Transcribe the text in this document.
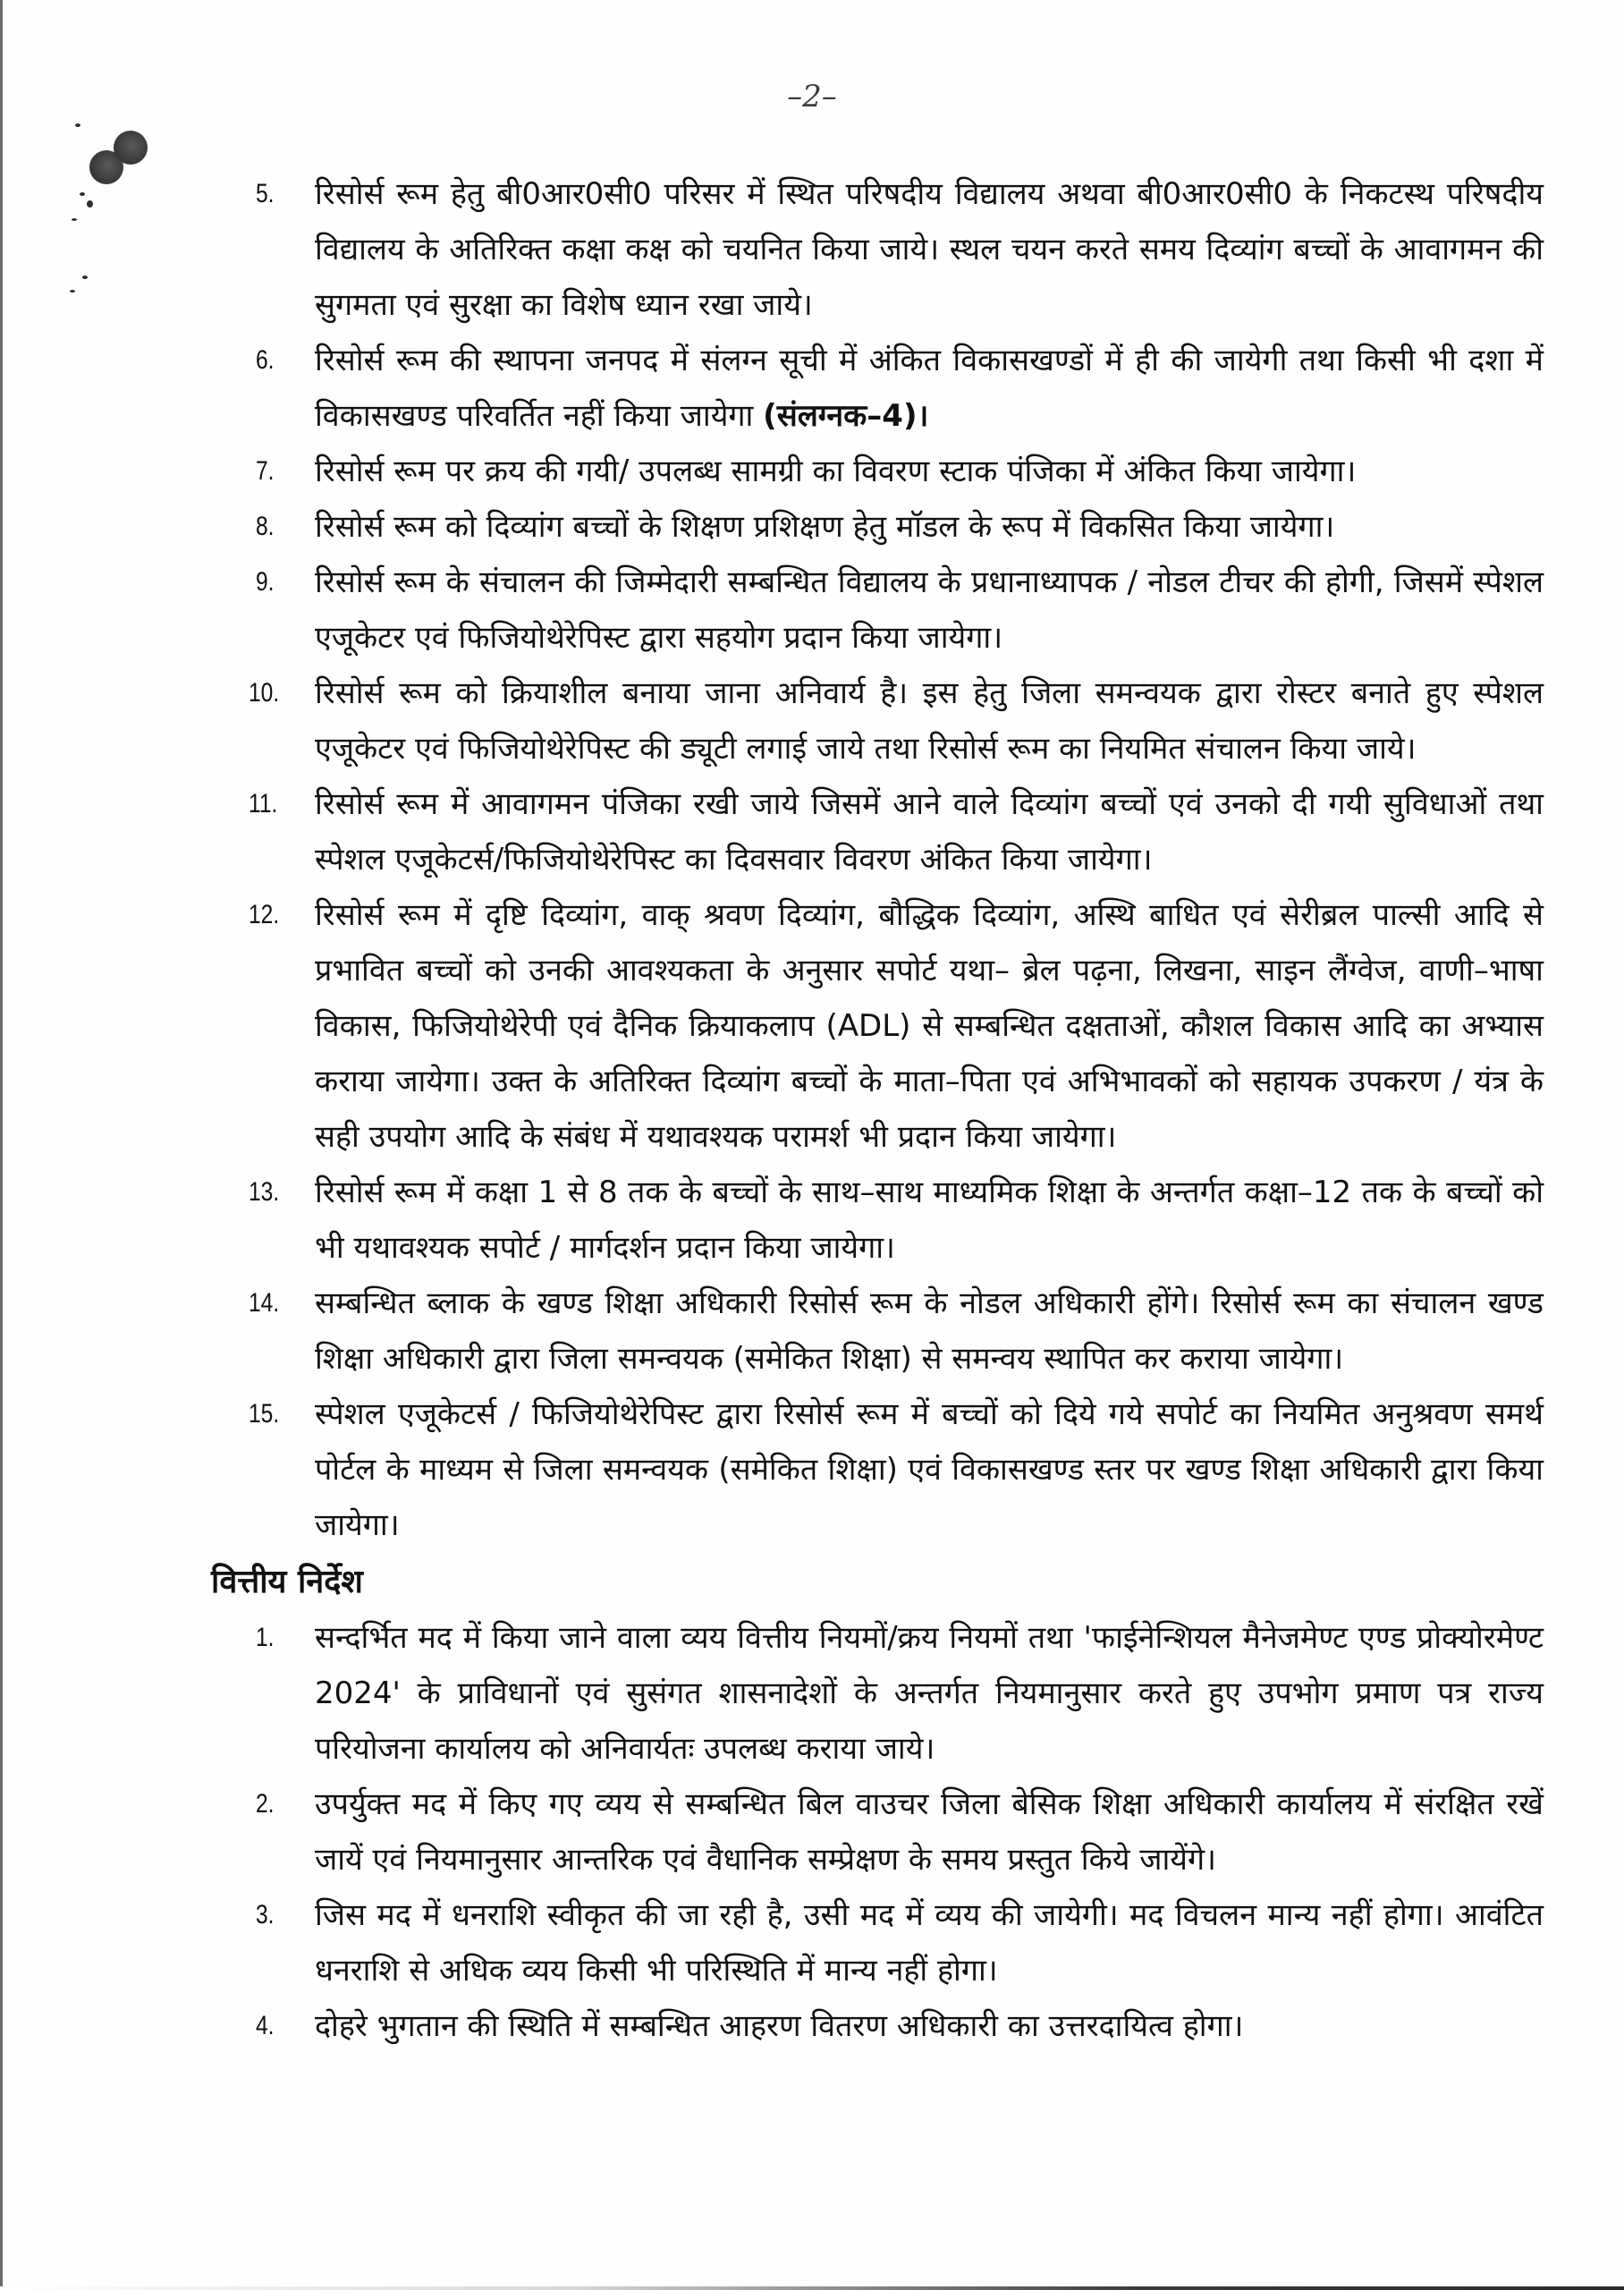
–2–
5. रिसोर्स रूम हेतु बी0आर0सी0 परिसर में स्थित परिषदीय विद्यालय अथवा बी0आर0सी0 के निकटस्थ परिषदीय विद्यालय के अतिरिक्त कक्षा कक्ष को चयनित किया जाये। स्थल चयन करते समय दिव्यांग बच्चों के आवागमन की सुगमता एवं सुरक्षा का विशेष ध्यान रखा जाये।
6. रिसोर्स रूम की स्थापना जनपद में संलग्न सूची में अंकित विकासखण्डों में ही की जायेगी तथा किसी भी दशा में विकासखण्ड परिवर्तित नहीं किया जायेगा (संलग्नक–4)।
7. रिसोर्स रूम पर क्रय की गयी/ उपलब्ध सामग्री का विवरण स्टाक पंजिका में अंकित किया जायेगा।
8. रिसोर्स रूम को दिव्यांग बच्चों के शिक्षण प्रशिक्षण हेतु मॉडल के रूप में विकसित किया जायेगा।
9. रिसोर्स रूम के संचालन की जिम्मेदारी सम्बन्धित विद्यालय के प्रधानाध्यापक / नोडल टीचर की होगी, जिसमें स्पेशल एजूकेटर एवं फिजियोथेरेपिस्ट द्वारा सहयोग प्रदान किया जायेगा।
10. रिसोर्स रूम को क्रियाशील बनाया जाना अनिवार्य है। इस हेतु जिला समन्वयक द्वारा रोस्टर बनाते हुए स्पेशल एजूकेटर एवं फिजियोथेरेपिस्ट की ड्यूटी लगाई जाये तथा रिसोर्स रूम का नियमित संचालन किया जाये।
11. रिसोर्स रूम में आवागमन पंजिका रखी जाये जिसमें आने वाले दिव्यांग बच्चों एवं उनको दी गयी सुविधाओं तथा स्पेशल एजूकेटर्स/फिजियोथेरेपिस्ट का दिवसवार विवरण अंकित किया जायेगा।
12. रिसोर्स रूम में दृष्टि दिव्यांग, वाक् श्रवण दिव्यांग, बौद्धिक दिव्यांग, अस्थि बाधित एवं सेरीब्रल पाल्सी आदि से प्रभावित बच्चों को उनकी आवश्यकता के अनुसार सपोर्ट यथा– ब्रेल पढ़ना, लिखना, साइन लैंग्वेज, वाणी–भाषा विकास, फिजियोथेरेपी एवं दैनिक क्रियाकलाप (ADL) से सम्बन्धित दक्षताओं, कौशल विकास आदि का अभ्यास कराया जायेगा। उक्त के अतिरिक्त दिव्यांग बच्चों के माता–पिता एवं अभिभावकों को सहायक उपकरण / यंत्र के सही उपयोग आदि के संबंध में यथावश्यक परामर्श भी प्रदान किया जायेगा।
13. रिसोर्स रूम में कक्षा 1 से 8 तक के बच्चों के साथ–साथ माध्यमिक शिक्षा के अन्तर्गत कक्षा–12 तक के बच्चों को भी यथावश्यक सपोर्ट / मार्गदर्शन प्रदान किया जायेगा।
14. सम्बन्धित ब्लाक के खण्ड शिक्षा अधिकारी रिसोर्स रूम के नोडल अधिकारी होंगे। रिसोर्स रूम का संचालन खण्ड शिक्षा अधिकारी द्वारा जिला समन्वयक (समेकित शिक्षा) से समन्वय स्थापित कर कराया जायेगा।
15. स्पेशल एजूकेटर्स / फिजियोथेरेपिस्ट द्वारा रिसोर्स रूम में बच्चों को दिये गये सपोर्ट का नियमित अनुश्रवण समर्थ पोर्टल के माध्यम से जिला समन्वयक (समेकित शिक्षा) एवं विकासखण्ड स्तर पर खण्ड शिक्षा अधिकारी द्वारा किया जायेगा।
वित्तीय निर्देश
1. सन्दर्भित मद में किया जाने वाला व्यय वित्तीय नियमों/क्रय नियमों तथा 'फाईनेन्शियल मैनेजमेण्ट एण्ड प्रोक्योरमेण्ट 2024' के प्राविधानों एवं सुसंगत शासनादेशों के अन्तर्गत नियमानुसार करते हुए उपभोग प्रमाण पत्र राज्य परियोजना कार्यालय को अनिवार्यतः उपलब्ध कराया जाये।
2. उपर्युक्त मद में किए गए व्यय से सम्बन्धित बिल वाउचर जिला बेसिक शिक्षा अधिकारी कार्यालय में संरक्षित रखें जायें एवं नियमानुसार आन्तरिक एवं वैधानिक सम्प्रेक्षण के समय प्रस्तुत किये जायेंगे।
3. जिस मद में धनराशि स्वीकृत की जा रही है, उसी मद में व्यय की जायेगी। मद विचलन मान्य नहीं होगा। आवंटित धनराशि से अधिक व्यय किसी भी परिस्थिति में मान्य नहीं होगा।
4. दोहरे भुगतान की स्थिति में सम्बन्धित आहरण वितरण अधिकारी का उत्तरदायित्व होगा।
